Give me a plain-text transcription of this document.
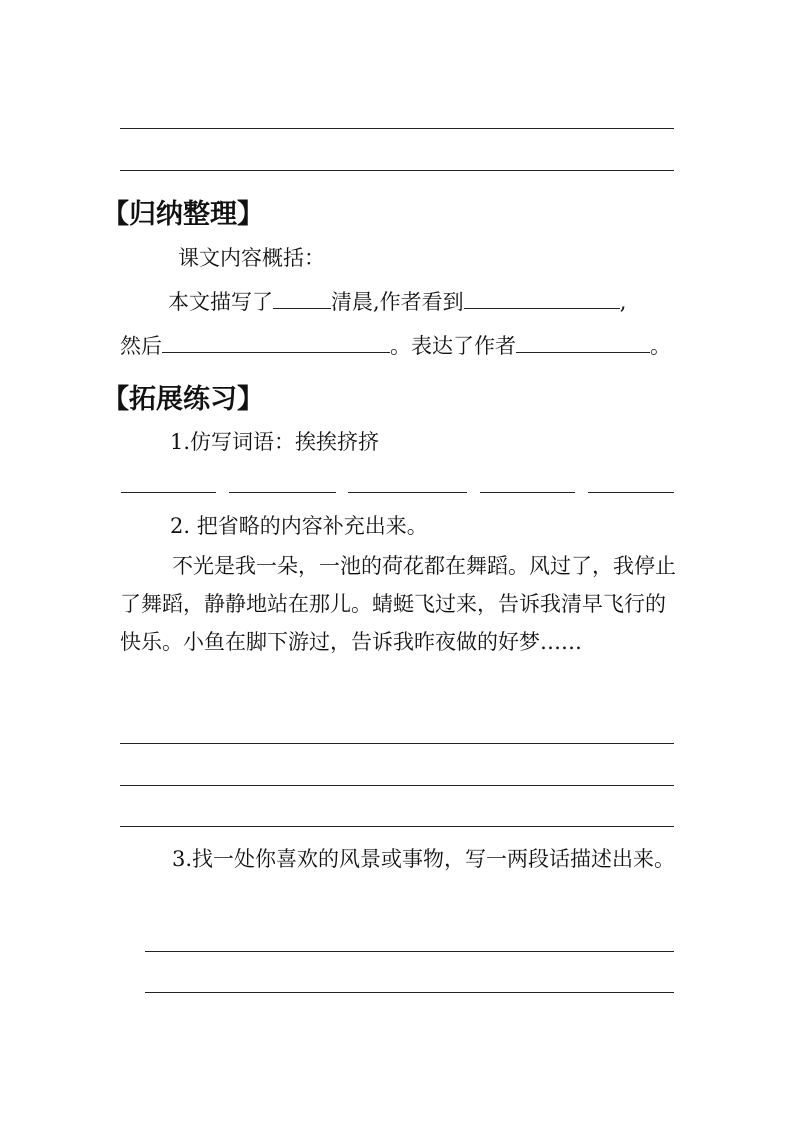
【归纳整理】
课文内容概括：
本文描写了	清晨,作者看到	,
然后	。表达了作者	。
【拓展练习】
1.仿写词语：挨挨挤挤
2. 把省略的内容补充出来。
不光是我一朵，一池的荷花都在舞蹈。风过了，我停止了舞蹈，静静地站在那儿。蜻蜓飞过来，告诉我清早飞行的快乐。小鱼在脚下游过，告诉我昨夜做的好梦……
3.找一处你喜欢的风景或事物，写一两段话描述出来。
